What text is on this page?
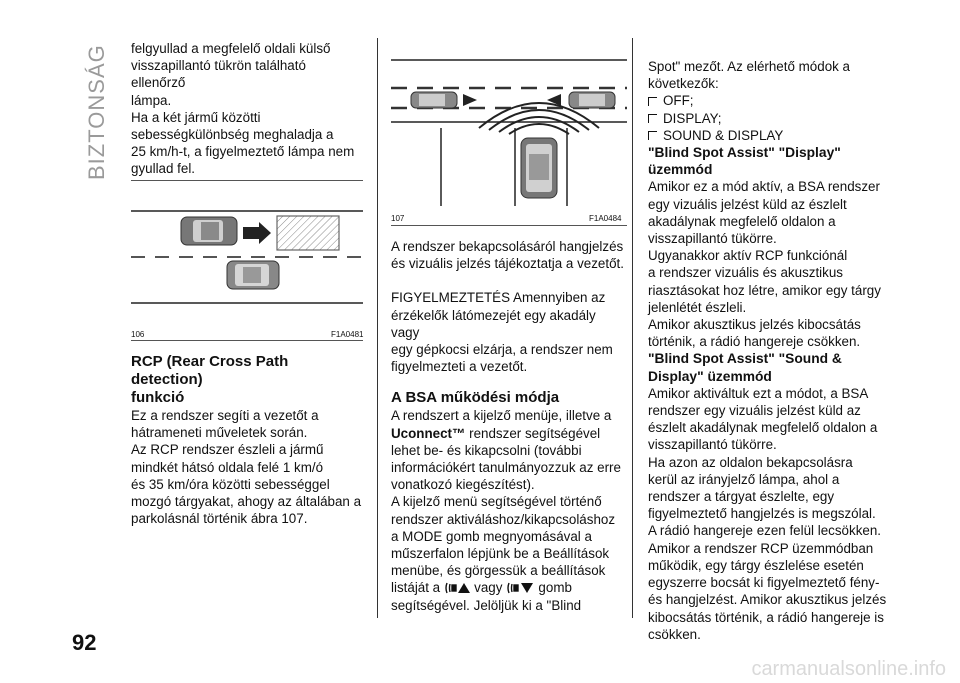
BIZTONSÁG felgyullad a megfelelő oldali külső

visszapillantó tükrön található ellenőrző

lámpa.

Ha a két jármű közötti

sebességkülönbség meghaladja a

25 km/h-t, a figyelmeztető lámpa nem

gyullad fel.

106	F1A0481
RCP (Rear Cross Path detection)
funkció

Ez a rendszer segíti a vezetőt a

hátrameneti műveletek során.

Az RCP rendszer észleli a jármű

mindkét hátsó oldala felé 1 km/ó

és 35 km/óra közötti sebességgel

mozgó tárgyakat, ahogy az általában a

parkolásnál történik ábra 107.

107	F1A0484

A rendszer bekapcsolásáról hangjelzés

és vizuális jelzés tájékoztatja a vezetőt.

FIGYELMEZTETÉS Amennyiben az

érzékelők látómezejét egy akadály vagy

egy gépkocsi elzárja, a rendszer nem

figyelmezteti a vezetőt.

A BSA működési módja

A rendszert a kijelző menüje, illetve a

Uconnect™ rendszer segítségével

lehet be- és kikapcsolni (további

információkért tanulmányozzuk az erre

vonatkozó kiegészítést).

A kijelző menü segítségével történő

rendszer aktiváláshoz/kikapcsoláshoz

a MODE gomb megnyomásával a

műszerfalon lépjünk be a Beállítások

menübe, és görgessük a beállítások

listáját a	vagy	gomb

segítségével. Jelöljük ki a "Blind

Spot" mezőt. Az elérhető módok a

következők:

OFF;
DISPLAY;
SOUND & DISPLAY
"Blind Spot Assist" "Display"
üzemmód

Amikor ez a mód aktív, a BSA rendszer

egy vizuális jelzést küld az észlelt

akadálynak megfelelő oldalon a

visszapillantó tükörre.

Ugyanakkor aktív RCP funkciónál

a rendszer vizuális és akusztikus

riasztásokat hoz létre, amikor egy tárgy

jelenlétét észleli.

Amikor akusztikus jelzés kibocsátás

történik, a rádió hangereje csökken.

"Blind Spot Assist" "Sound &
Display" üzemmód

Amikor aktiváltuk ezt a módot, a BSA

rendszer egy vizuális jelzést küld az

észlelt akadálynak megfelelő oldalon a

visszapillantó tükörre.

Ha azon az oldalon bekapcsolásra

kerül az irányjelző lámpa, ahol a

rendszer a tárgyat észlelte, egy

figyelmeztető hangjelzés is megszólal.

A rádió hangereje ezen felül lecsökken.

Amikor a rendszer RCP üzemmódban

működik, egy tárgy észlelése esetén

egyszerre bocsát ki figyelmeztető fény-

és hangjelzést. Amikor akusztikus jelzés

kibocsátás történik, a rádió hangereje is

csökken.

92
carmanualsonline.info
